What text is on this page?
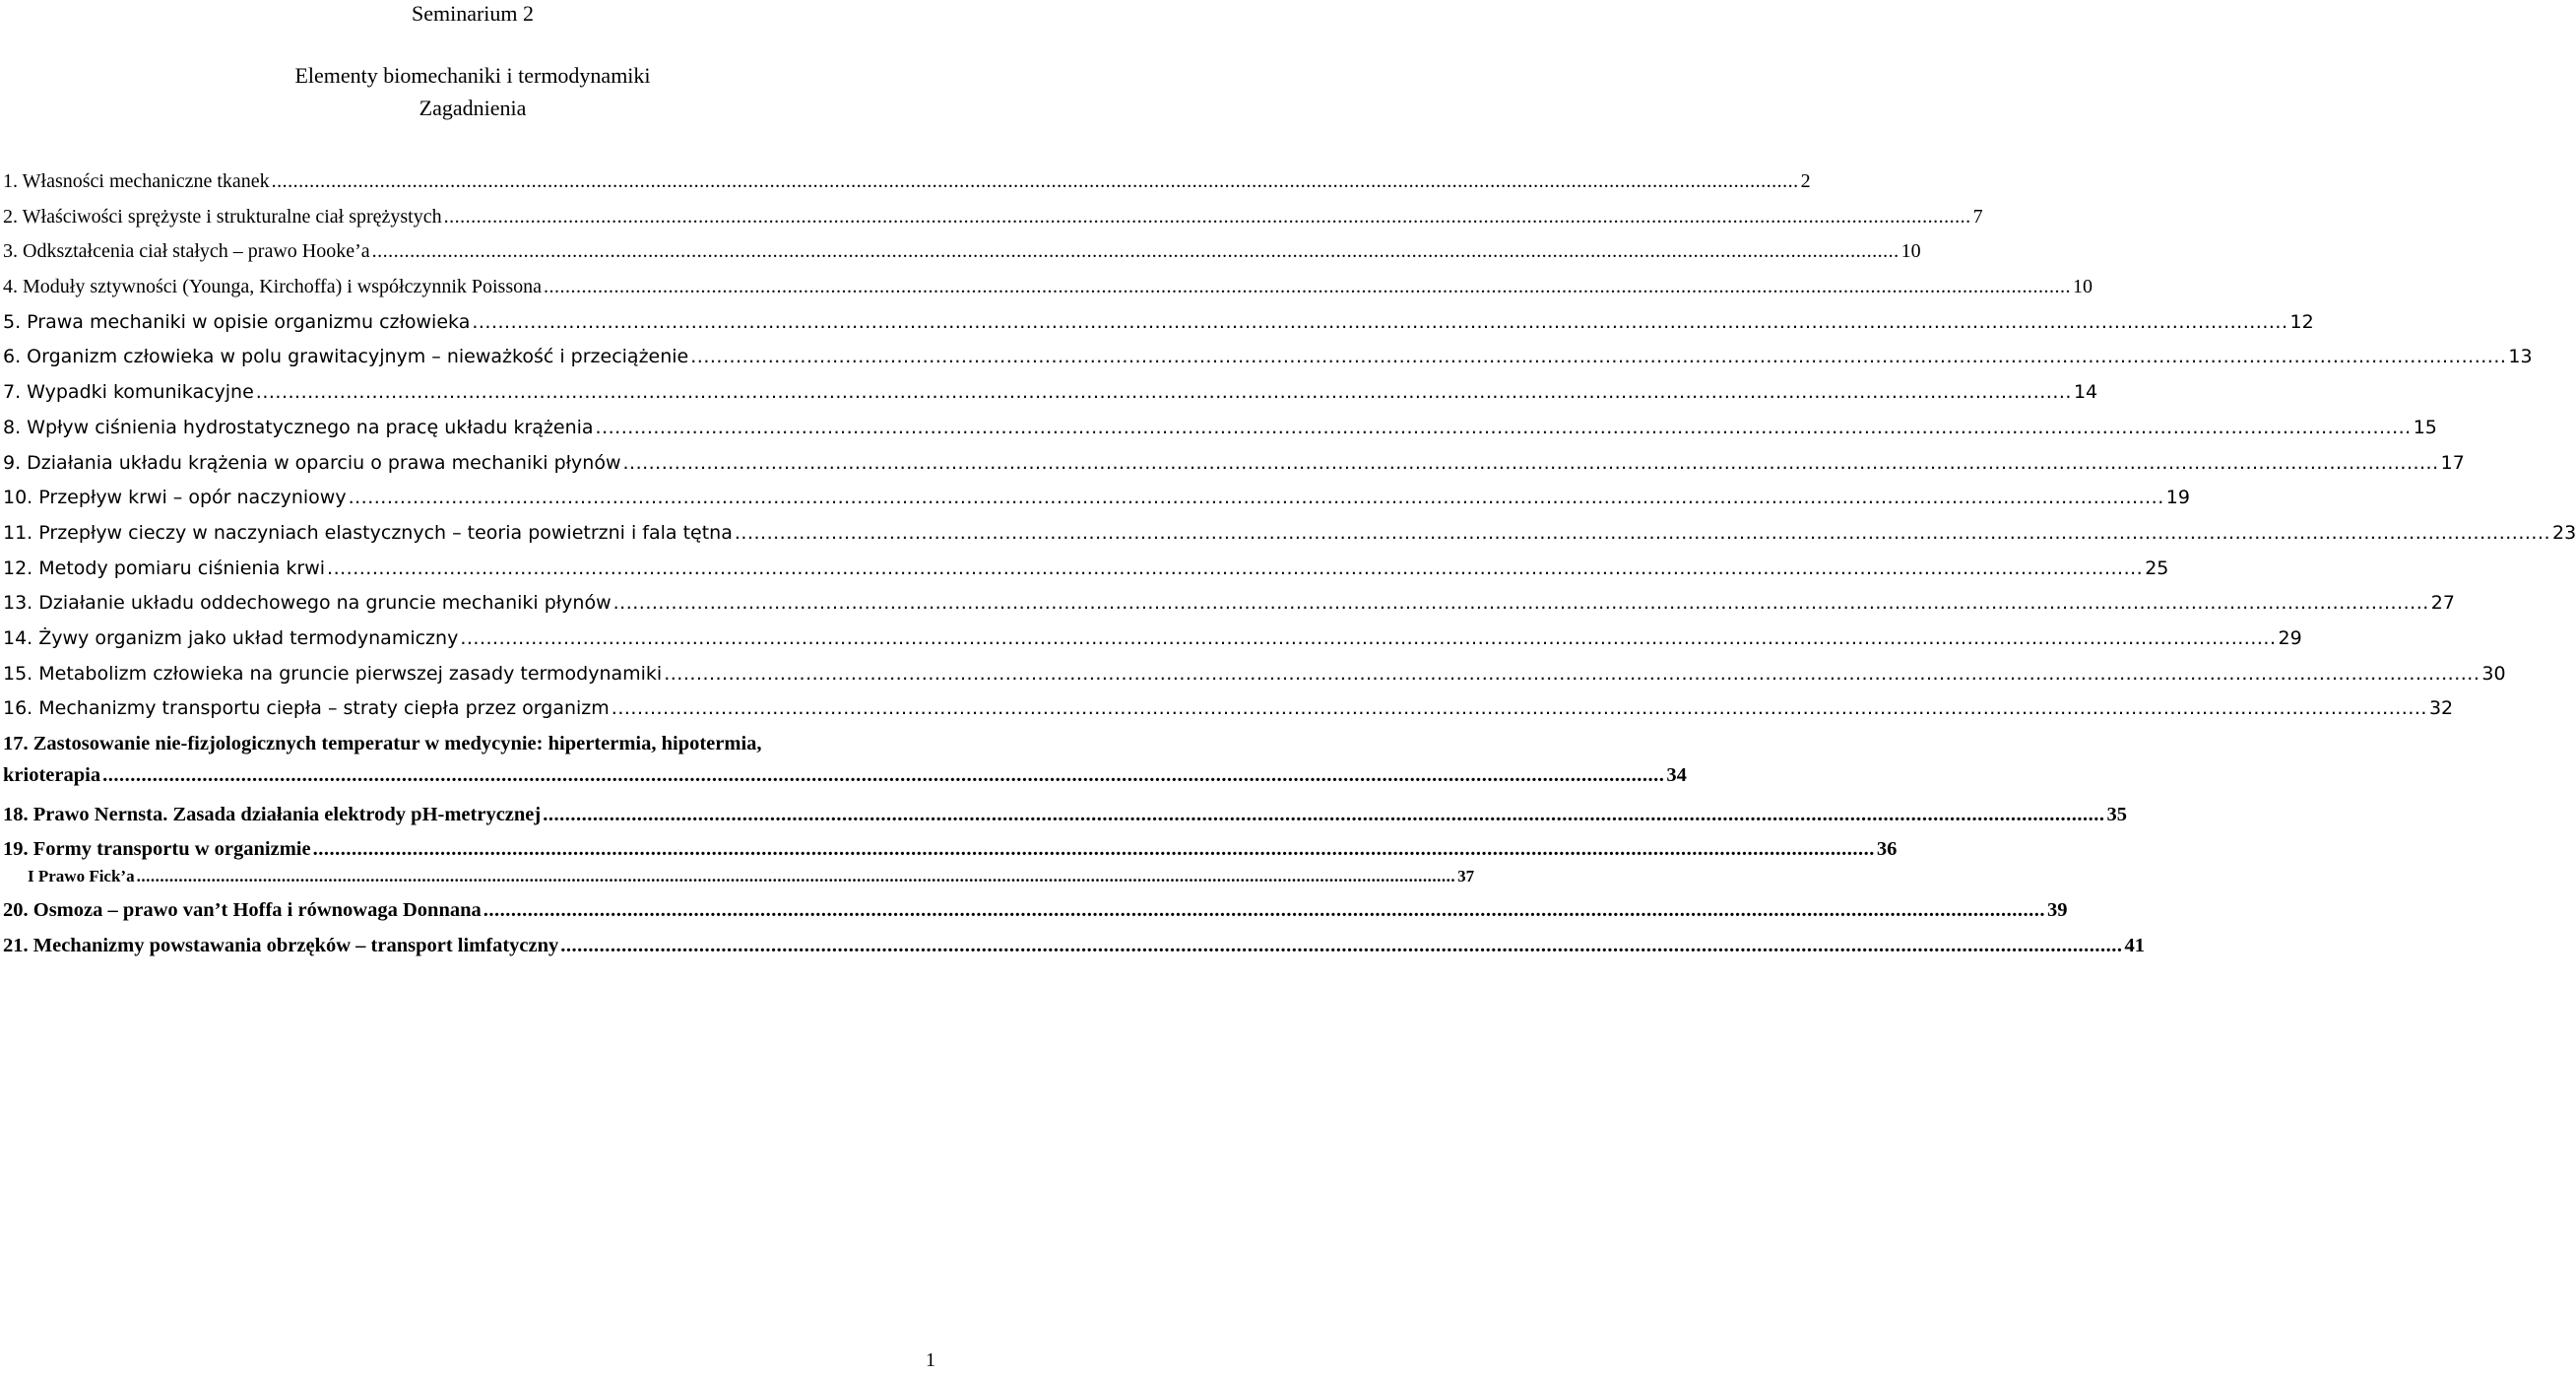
Seminarium 2
Elementy biomechaniki i termodynamiki
Zagadnienia
1. Własności mechaniczne tkanek .....	2
2. Właściwości sprężyste i strukturalne ciał sprężystych .....	7
3. Odkształcenia ciał stałych – prawo Hooke’a .....	10
4. Moduły sztywności (Younga, Kirchoffa) i współczynnik Poissona .....	10
5. Prawa mechaniki w opisie organizmu człowieka .....	12
6. Organizm człowieka w polu grawitacyjnym – nieważkość i przeciążenie .....	13
7. Wypadki komunikacyjne .....	14
8. Wpływ ciśnienia hydrostatycznego na pracę układu krążenia .....	15
9. Działania układu krążenia w oparciu o prawa mechaniki płynów .....	17
10. Przepływ krwi – opór naczyniowy .....	19
11. Przepływ cieczy w naczyniach elastycznych – teoria powietrzni i fala tętna .....	23
12. Metody pomiaru ciśnienia krwi .....	25
13. Działanie układu oddechowego na gruncie mechaniki płynów .....	27
14. Żywy organizm jako układ termodynamiczny .....	29
15. Metabolizm człowieka na gruncie pierwszej zasady termodynamiki .....	30
16. Mechanizmy transportu ciepła – straty ciepła przez organizm .....	32
17. Zastosowanie nie-fizjologicznych temperatur w medycynie: hipertermia, hipotermia,
krioterapia .....	34
18. Prawo Nernsta. Zasada działania elektrody pH-metrycznej .....	35
19. Formy transportu w organizmie .....	36
I Prawo Fick’a .....	37
20. Osmoza – prawo van’t Hoffa i równowaga Donnana .....	39
21. Mechanizmy powstawania obrzęków – transport limfatyczny .....	41
1
